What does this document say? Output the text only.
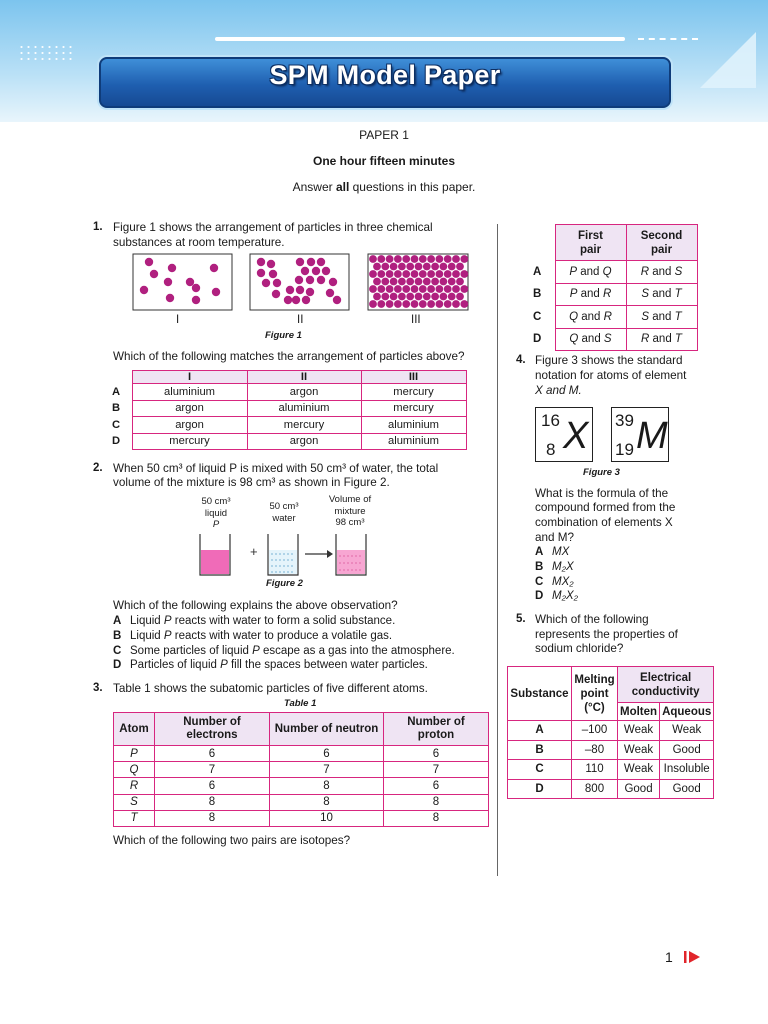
SPM Model Paper
PAPER 1
One hour fifteen minutes
Answer all questions in this paper.
1. Figure 1 shows the arrangement of particles in three chemical substances at room temperature.
I	II	III
Figure 1
Which of the following matches the arrangement of particles above?
	I	II	III
A	aluminium	argon	mercury
B	argon	aluminium	mercury
C	argon	mercury	aluminium
D	mercury	argon	aluminium
2. When 50 cm³ of liquid P is mixed with 50 cm³ of water, the total
volume of the mixture is 98 cm³ as shown in Figure 2.
50 cm³
liquid
P
50 cm³
water
Volume of
mixture
98 cm³
+
Figure 2
Which of the following explains the above observation?
A Liquid P reacts with water to form a solid substance.
B Liquid P reacts with water to produce a volatile gas.
C Some particles of liquid P escape as a gas into the atmosphere.
D Particles of liquid P fill the spaces between water particles.
3. Table 1 shows the subatomic particles of five different atoms.
Table 1
Atom	Number of electrons	Number of neutron	Number of proton
P	6	6	6
Q	7	7	7
R	6	8	6
S	8	8	8
T	8	10	8
Which of the following two pairs are isotopes?
	First pair	Second pair
A	P and Q	R and S
B	P and R	S and T
C	Q and R	S and T
D	Q and S	R and T
4. Figure 3 shows the standard
notation for atoms of element
X and M.
16
8 X 39
19 M
Figure 3
What is the formula of the
compound formed from the
combination of elements X
and M?
A MX
B M₂X
C MX₂
D M₂X₂
5. Which of the following
represents the properties of
sodium chloride?
Substance	Melting point (°C)	Electrical conductivity	
		Molten	Aqueous
A	–100	Weak	Weak
B	–80	Weak	Good
C	110	Weak	Insoluble
D	800	Good	Good
1
